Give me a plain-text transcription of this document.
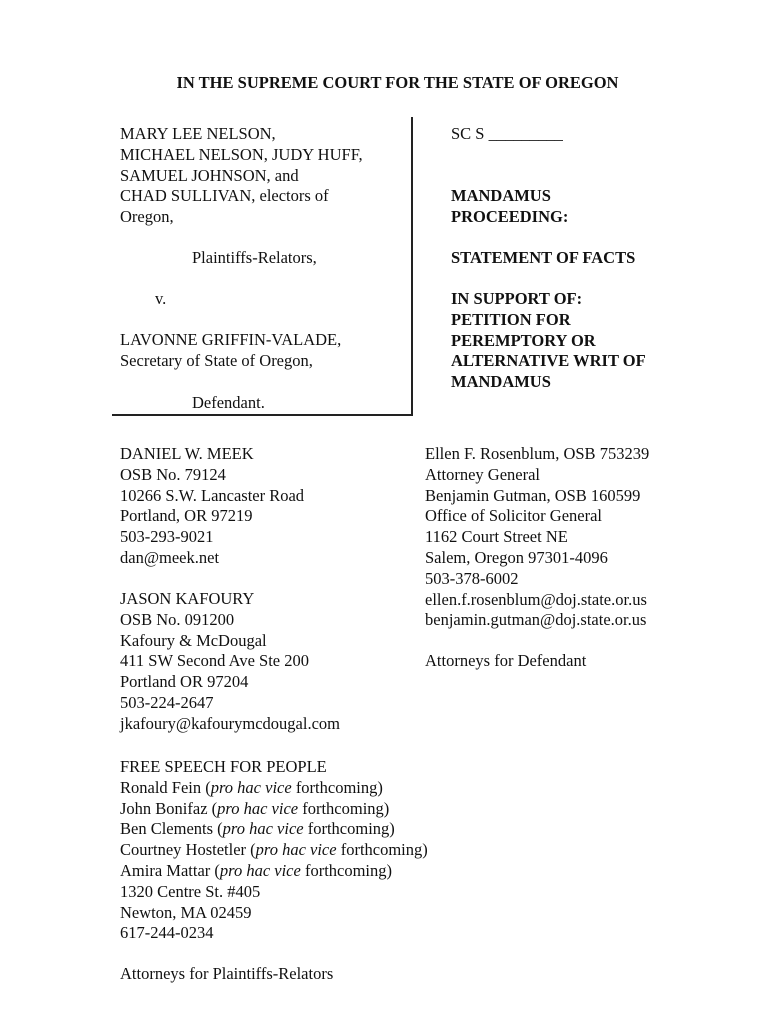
IN THE SUPREME COURT FOR THE STATE OF OREGON
MARY LEE NELSON,
MICHAEL NELSON, JUDY HUFF,
SAMUEL JOHNSON, and
CHAD SULLIVAN, electors of
Oregon,
Plaintiffs-Relators,
v.
LAVONNE GRIFFIN-VALADE,
Secretary of State of Oregon,
Defendant.
SC S _________
MANDAMUS
PROCEEDING:
STATEMENT OF FACTS
IN SUPPORT OF:
PETITION FOR
PEREMPTORY OR
ALTERNATIVE WRIT OF
MANDAMUS
DANIEL W. MEEK
OSB No. 79124
10266 S.W. Lancaster Road
Portland, OR 97219
503-293-9021
dan@meek.net
JASON KAFOURY
OSB No. 091200
Kafoury & McDougal
411 SW Second Ave Ste 200
Portland OR 97204
503-224-2647
jkafoury@kafourymcdougal.com
FREE SPEECH FOR PEOPLE
Ronald Fein (pro hac vice forthcoming)
John Bonifaz (pro hac vice forthcoming)
Ben Clements (pro hac vice forthcoming)
Courtney Hostetler (pro hac vice forthcoming)
Amira Mattar (pro hac vice forthcoming)
1320 Centre St. #405
Newton, MA 02459
617-244-0234
Attorneys for Plaintiffs-Relators
Ellen F. Rosenblum, OSB 753239
Attorney General
Benjamin Gutman, OSB 160599
Office of Solicitor General
1162 Court Street NE
Salem, Oregon 97301-4096
503-378-6002
ellen.f.rosenblum@doj.state.or.us
benjamin.gutman@doj.state.or.us
Attorneys for Defendant
